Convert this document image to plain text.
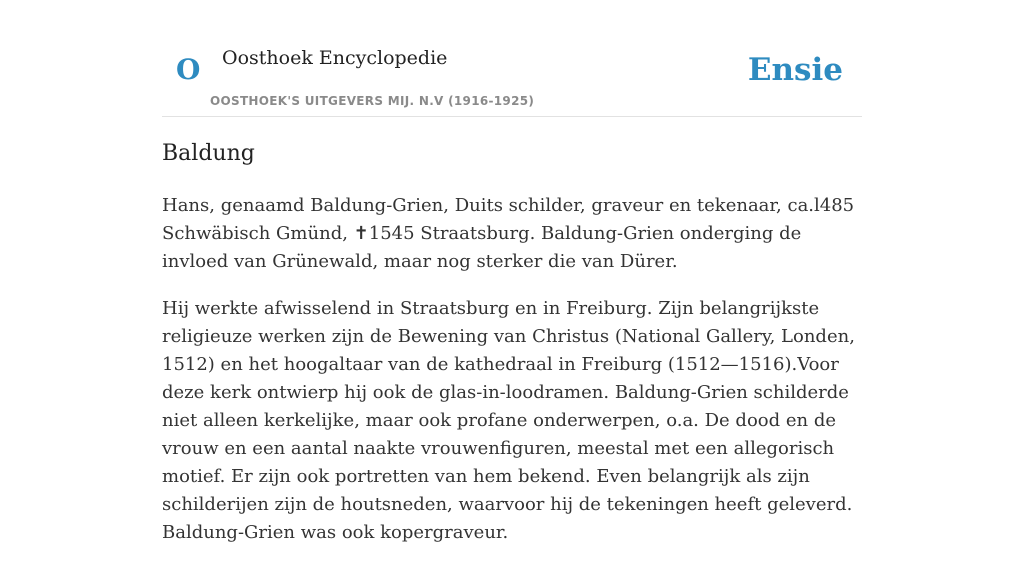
O Oosthoek Encyclopedie
OOSTHOEK'S UITGEVERS MIJ. N.V (1916-1925)
Ensie
Baldung

Hans, genaamd Baldung-Grien, Duits schilder, graveur en tekenaar, ca.l485 Schwäbisch Gmünd, ✝1545 Straatsburg. Baldung-Grien onderging de invloed van Grünewald, maar nog sterker die van Dürer.

Hij werkte afwisselend in Straatsburg en in Freiburg. Zijn belangrijkste religieuze werken zijn de Bewening van Christus (National Gallery, Londen, 1512) en het hoogaltaar van de kathedraal in Freiburg (1512—1516).Voor deze kerk ontwierp hij ook de glas-in-loodramen. Baldung-Grien schilderde niet alleen kerkelijke, maar ook profane onderwerpen, o.a. De dood en de vrouw en een aantal naakte vrouwenfiguren, meestal met een allegorisch motief. Er zijn ook portretten van hem bekend. Even belangrijk als zijn schilderijen zijn de houtsneden, waarvoor hij de tekeningen heeft geleverd. Baldung-Grien was ook kopergraveur.
